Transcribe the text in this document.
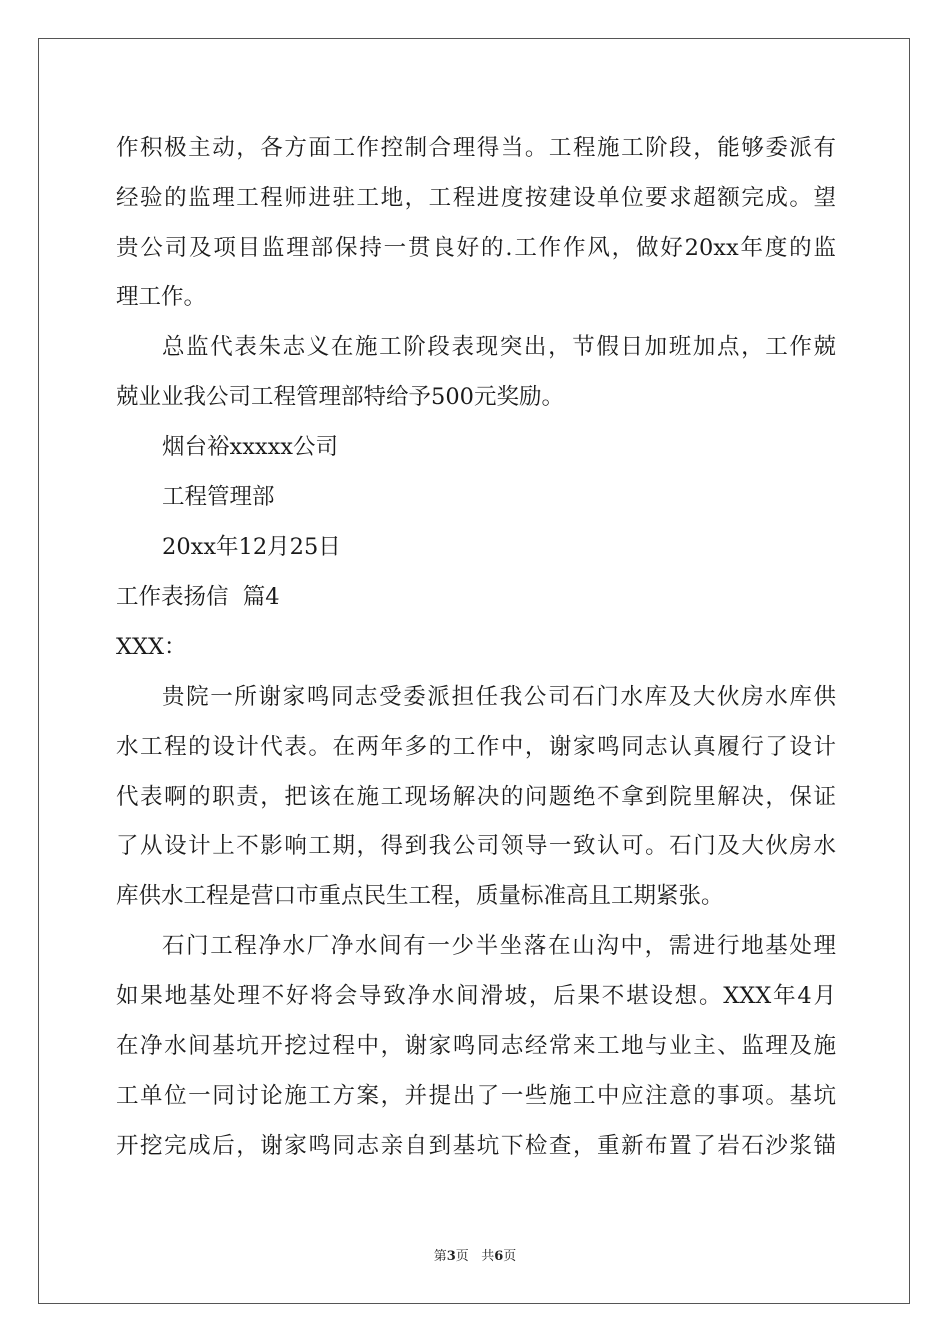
作积极主动，各方面工作控制合理得当。工程施工阶段，能够委派有
经验的监理工程师进驻工地，工程进度按建设单位要求超额完成。望
贵公司及项目监理部保持一贯良好的.工作作风，做好20xx年度的监
理工作。
总监代表朱志义在施工阶段表现突出，节假日加班加点，工作兢
兢业业我公司工程管理部特给予500元奖励。
烟台裕xxxxx公司
工程管理部
20xx年12月25日
工作表扬信  篇4
XXX：
贵院一所谢家鸣同志受委派担任我公司石门水库及大伙房水库供
水工程的设计代表。在两年多的工作中，谢家鸣同志认真履行了设计
代表啊的职责，把该在施工现场解决的问题绝不拿到院里解决，保证
了从设计上不影响工期，得到我公司领导一致认可。石门及大伙房水
库供水工程是营口市重点民生工程，质量标准高且工期紧张。
石门工程净水厂净水间有一少半坐落在山沟中，需进行地基处理
如果地基处理不好将会导致净水间滑坡，后果不堪设想。XXX年4月
在净水间基坑开挖过程中，谢家鸣同志经常来工地与业主、监理及施
工单位一同讨论施工方案，并提出了一些施工中应注意的事项。基坑
开挖完成后，谢家鸣同志亲自到基坑下检查，重新布置了岩石沙浆锚
第3页 共6页
